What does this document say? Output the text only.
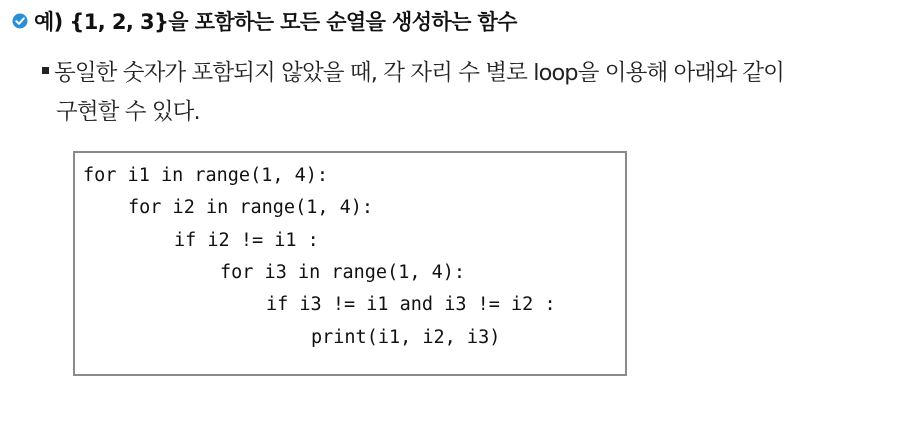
예) {1, 2, 3}을 포함하는 모든 순열을 생성하는 함수
동일한 숫자가 포함되지 않았을 때, 각 자리 수 별로 loop을 이용해 아래와 같이
구현할 수 있다.
for i1 in range(1, 4):
for i2 in range(1, 4):
if i2 != i1 :
for i3 in range(1, 4):
if i3 != i1 and i3 != i2 :
print(i1, i2, i3)
